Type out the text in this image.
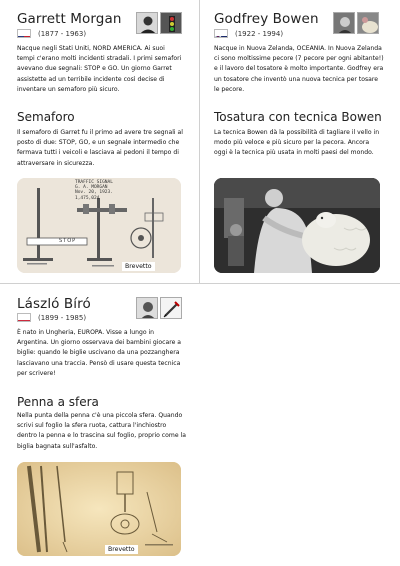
Garrett Morgan
(1877 - 1963)
Nacque negli Stati Uniti, NORD AMERICA. Ai suoi tempi c'erano molti incidenti stradali. I primi semafori avevano due segnali: STOP e GO. Un giorno Garret assistette ad un terribile incidente così decise di inventare un semaforo più sicuro.
Semaforo
Il semaforo di Garret fu il primo ad avere tre segnali al posto di due: STOP, GO, e un segnale intermedio che fermava tutti i veicoli e lasciava ai pedoni il tempo di attraversare in sicurezza.
TRAFFIC SIGNAL
G. A. MORGAN
Nov. 20, 1923.
1,475,024
STOP
Brevetto
Godfrey Bowen
(1922 - 1994)
Nacque in Nuova Zelanda, OCEANIA. In Nuova Zelanda ci sono moltissime pecore (7 pecore per ogni abitante!) e il lavoro del tosatore è molto importante. Godfrey era un tosatore che inventò una nuova tecnica per tosare le pecore.
Tosatura con tecnica Bowen
La tecnica Bowen dà la possibilità di tagliare il vello in modo più veloce e più sicuro per la pecora. Ancora oggi è la tecnica più usata in molti paesi del mondo.
László Bíró
(1899 - 1985)
È nato in Ungheria, EUROPA. Visse a lungo in Argentina. Un giorno osservava dei bambini giocare a biglie: quando le biglie uscivano da una pozzanghera lasciavano una traccia. Pensò di usare questa tecnica per scrivere!
Penna a sfera
Nella punta della penna c'è una piccola sfera. Quando scrivi sul foglio la sfera ruota, cattura l'inchiostro dentro la penna e lo trascina sul foglio, proprio come la biglia bagnata sull'asfalto.
Brevetto
